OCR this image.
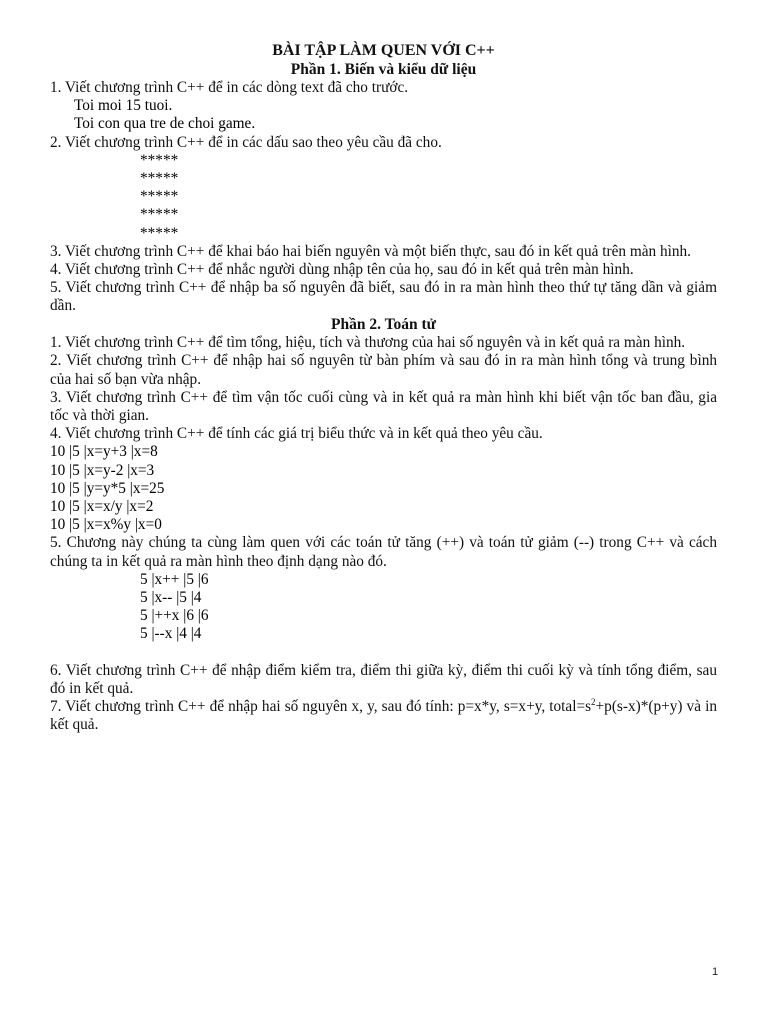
BÀI TẬP LÀM QUEN VỚI C++
Phần 1. Biến và kiểu dữ liệu

1. Viết chương trình C++ để in các dòng text đã cho trước.

Toi moi 15 tuoi.
Toi con qua tre de choi game.

2. Viết chương trình C++ để in các dấu sao theo yêu cầu đã cho.

*****
*****
*****
*****
*****

3. Viết chương trình C++ để khai báo hai biến nguyên và một biến thực, sau đó in kết quả trên màn hình.

4. Viết chương trình C++ để nhắc người dùng nhập tên của họ, sau đó in kết quả trên màn hình.

5. Viết chương trình C++ để nhập ba số nguyên đã biết, sau đó in ra màn hình theo thứ tự tăng dần và giảm dần.

Phần 2. Toán tử

1. Viết chương trình C++ để tìm tổng, hiệu, tích và thương của hai số nguyên và in kết quả ra màn hình.

2. Viết chương trình C++ để nhập hai số nguyên từ bàn phím và sau đó in ra màn hình tổng và trung bình của hai số bạn vừa nhập.

3. Viết chương trình C++ để tìm vận tốc cuối cùng và in kết quả ra màn hình khi biết vận tốc ban đầu, gia tốc và thời gian.

4. Viết chương trình C++ để tính các giá trị biểu thức và in kết quả theo yêu cầu.

10 |5 |x=y+3 |x=8
10 |5 |x=y-2 |x=3
10 |5 |y=y*5 |x=25
10 |5 |x=x/y |x=2
10 |5 |x=x%y |x=0

5. Chương này chúng ta cùng làm quen với các toán tử tăng (++) và toán tử giảm (--) trong C++ và cách chúng ta in kết quả ra màn hình theo định dạng nào đó.

5 |x++ |5 |6
5 |x-- |5 |4
5 |++x |6 |6
5 |--x |4 |4

6. Viết chương trình C++ để nhập điểm kiểm tra, điểm thi giữa kỳ, điểm thi cuối kỳ và tính tổng điểm, sau đó in kết quả.

7. Viết chương trình C++ để nhập hai số nguyên x, y, sau đó tính: p=x*y, s=x+y, $total=s^2+p(s-x)*(p+y)$ và in kết quả.

1
